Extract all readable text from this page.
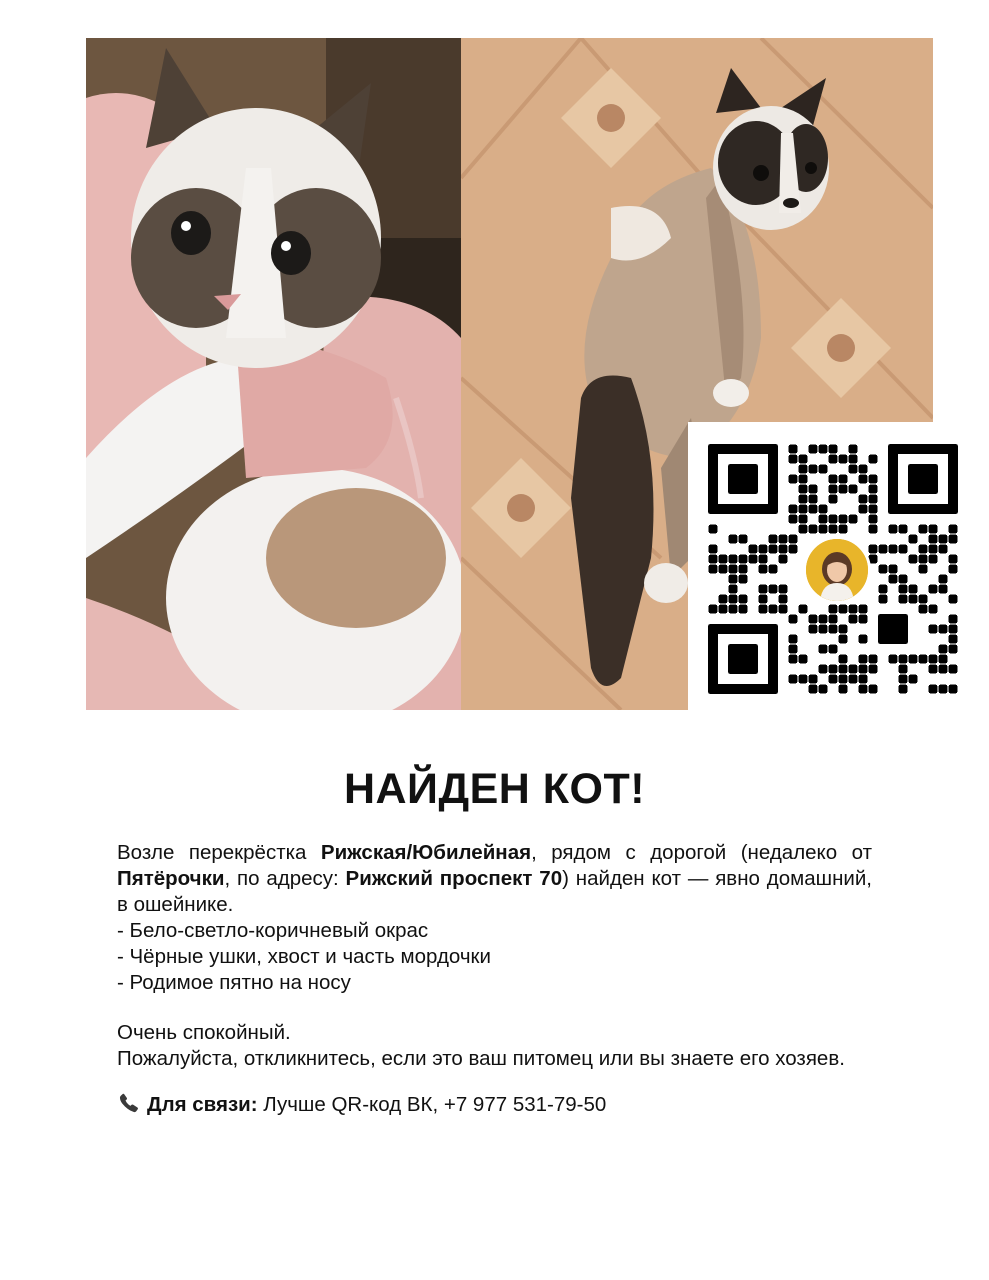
НАЙДЕН КОТ!

Возле перекрёстка Рижская/Юбилейная, рядом с дорогой (недалеко от Пятёрочки, по адресу: Рижский проспект 70) найден кот — явно домашний, в ошейнике.

- Бело-светло-коричневый окрас

- Чёрные ушки, хвост и часть мордочки

- Родимое пятно на носу

Очень спокойный.

Пожалуйста, откликнитесь, если это ваш питомец или вы знаете его хозяев.

Для связи: Лучше QR-код ВК, +7 977 531-79-50
